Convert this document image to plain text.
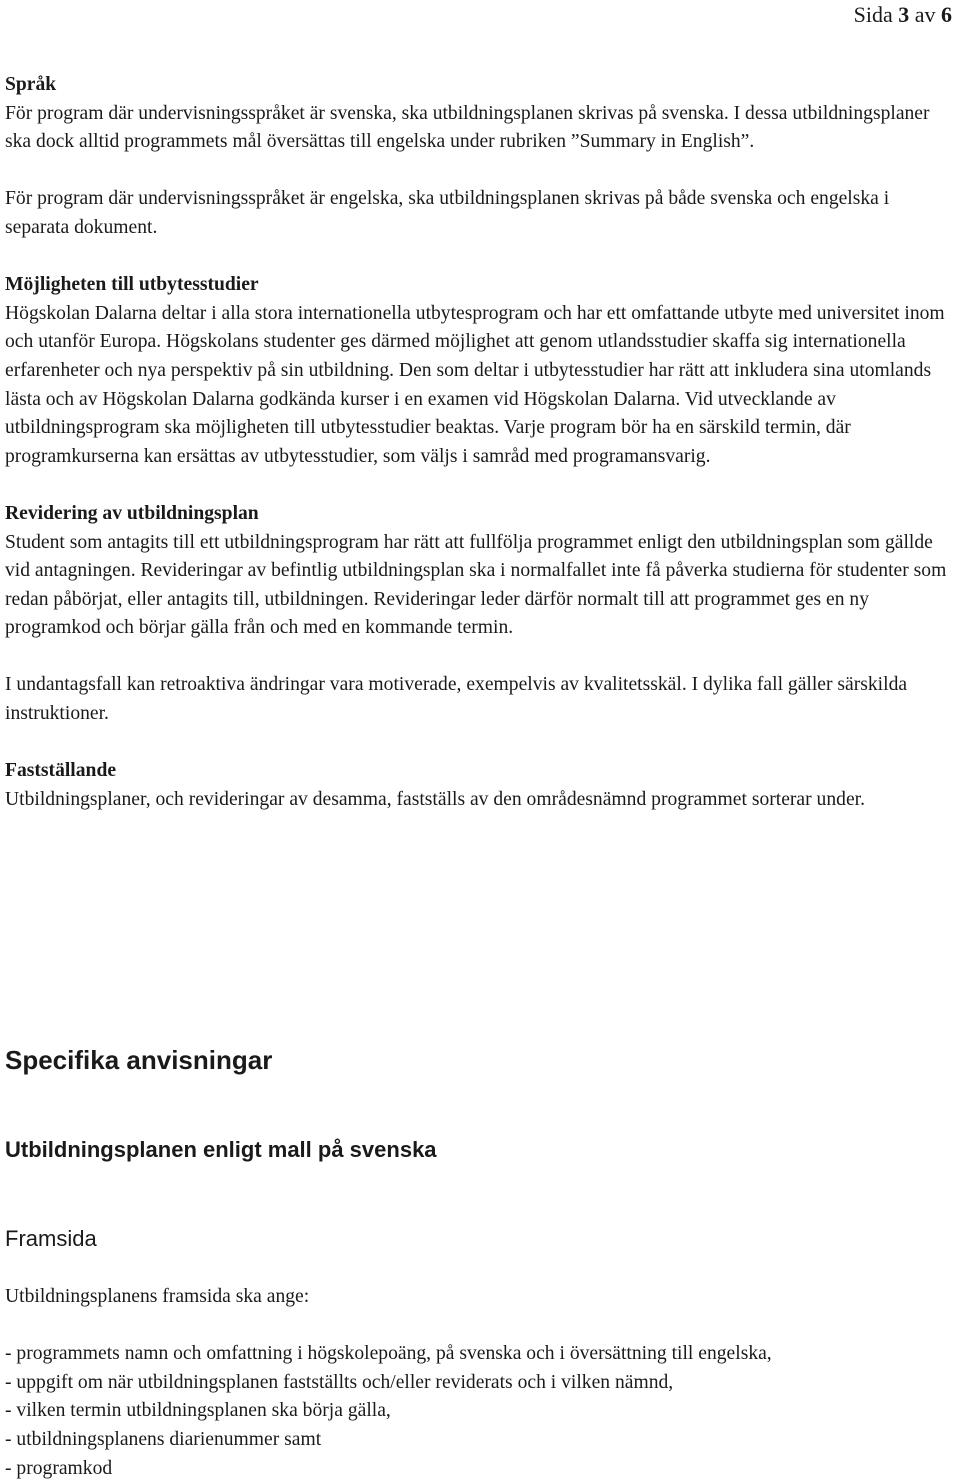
Sida 3 av 6

Språk

För program där undervisningsspråket är svenska, ska utbildningsplanen skrivas på svenska. I dessa utbildningsplaner ska dock alltid programmets mål översättas till engelska under rubriken ”Summary in English”.

För program där undervisningsspråket är engelska, ska utbildningsplanen skrivas på både svenska och engelska i separata dokument.

Möjligheten till utbytesstudier

Högskolan Dalarna deltar i alla stora internationella utbytesprogram och har ett omfattande utbyte med universitet inom och utanför Europa. Högskolans studenter ges därmed möjlighet att genom utlandsstudier skaffa sig internationella erfarenheter och nya perspektiv på sin utbildning. Den som deltar i utbytesstudier har rätt att inkludera sina utomlands lästa och av Högskolan Dalarna godkända kurser i en examen vid Högskolan Dalarna. Vid utvecklande av utbildningsprogram ska möjligheten till utbytesstudier beaktas. Varje program bör ha en särskild termin, där programkurserna kan ersättas av utbytesstudier, som väljs i samråd med programansvarig.

Revidering av utbildningsplan

Student som antagits till ett utbildningsprogram har rätt att fullfölja programmet enligt den utbildningsplan som gällde vid antagningen. Revideringar av befintlig utbildningsplan ska i normalfallet inte få påverka studierna för studenter som redan påbörjat, eller antagits till, utbildningen. Revideringar leder därför normalt till att programmet ges en ny programkod och börjar gälla från och med en kommande termin.

I undantagsfall kan retroaktiva ändringar vara motiverade, exempelvis av kvalitetsskäl. I dylika fall gäller särskilda instruktioner.

Fastställande

Utbildningsplaner, och revideringar av desamma, fastställs av den områdesnämnd programmet sorterar under.

Specifika anvisningar
Utbildningsplanen enligt mall på svenska
Framsida

Utbildningsplanens framsida ska ange:

- programmets namn och omfattning i högskolepoäng, på svenska och i översättning till engelska,
- uppgift om när utbildningsplanen fastställts och/eller reviderats och i vilken nämnd,
- vilken termin utbildningsplanen ska börja gälla,
- utbildningsplanens diarienummer samt
- programkod
